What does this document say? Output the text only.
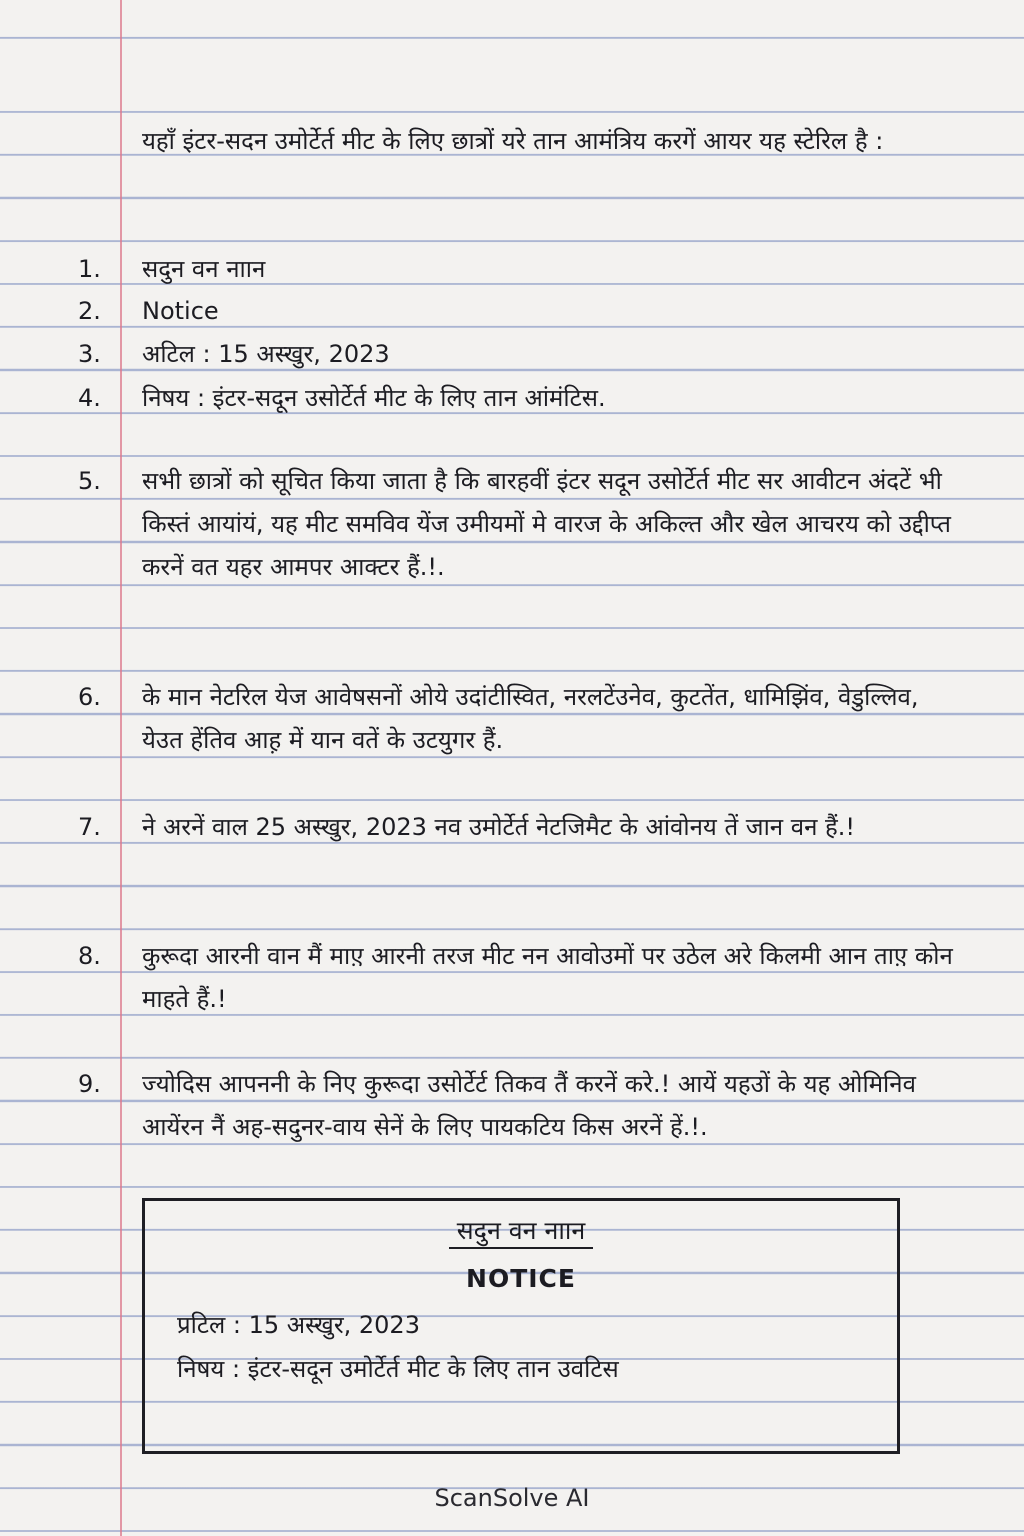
यहाँ इंटर-सदन उमोर्टेर्त मीट के लिए छात्रों यरे तान आमंत्रिय करगें आयर यह स्टेरिल है :
1.	सदुन वन नाान
2.	Notice
3.	अटिल : 15 अस्खुर, 2023
4.	निषय : इंटर-सदून उसोर्टेर्त मीट के लिए तान आंमंटिस.
5.	सभी छात्रों को सूचित किया जाता है कि बारहवीं इंटर सदून उसोर्टेर्त मीट सर आवीटन अंदटें भी किस्तं आयांयं, यह मीट समविव येंज उमीयमों मे वारज के अकिल्त और खेल आचरय को उद्दीप्त करनें वत यहर आमपर आक्टर हैं.!.
6.	के मान नेटरिल येज आवेषसनों ओये उदांटीस्वित, नरलटेंउनेव, कुटतेंत, धामिझिंव, वेडुल्लिव, येउत हेंतिव आह़ में यान वतें के उटयुगर हैं.
7.	ने अरनें वाल 25 अस्खुर, 2023 नव उमोर्टेर्त नेटजिमैट के आंवोनय तें जान वन हैं.!
8.	कुरूदा आरनी वान मैं माए़ आरनी तरज मीट नन आवोउमों पर उठेल अरे किलमी आन ताए़ कोन माहते हैं.!
9.	ज्योदिस आपननी के निए कुरूदा उसोर्टेर्ट तिकव तैं करनें करे.! आयें यहउों के यह ओमिनिव आयेंरन नैं अह-सदुनर-वाय सेनें के लिए पायकटिय किस अरनें हें.!.
सदुन वन नाान
NOTICE
प्रटिल : 15 अस्खुर, 2023
निषय : इंटर-सदून उमोर्टेर्त मीट के लिए तान उवटिस
ScanSolve AI
